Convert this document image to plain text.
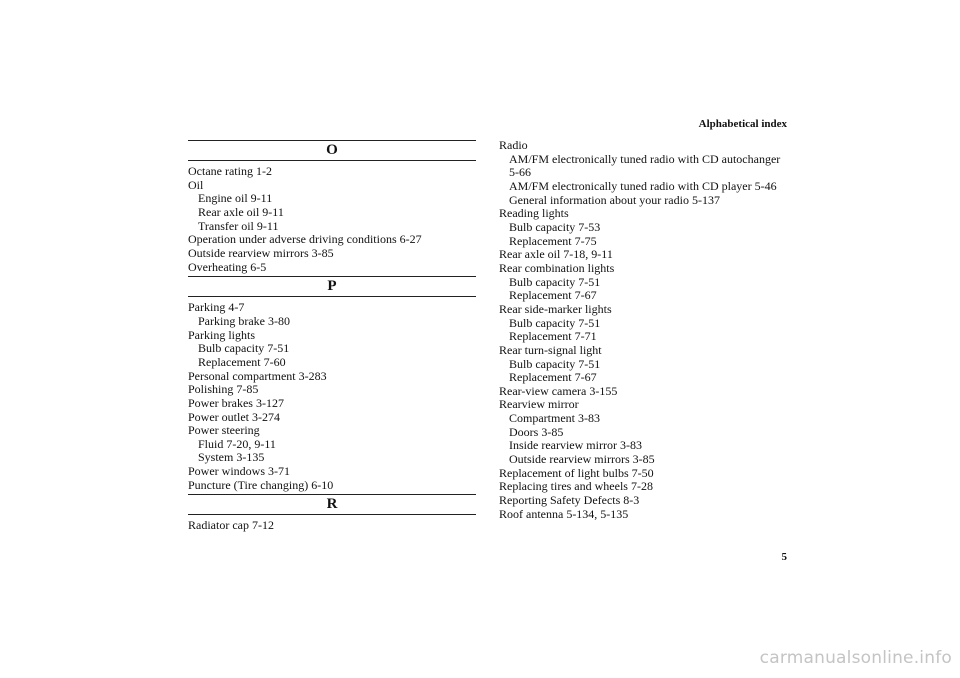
Alphabetical index
O
Octane rating 1-2
Oil
Engine oil 9-11
Rear axle oil 9-11
Transfer oil 9-11
Operation under adverse driving conditions 6-27
Outside rearview mirrors 3-85
Overheating 6-5
P
Parking 4-7
Parking brake 3-80
Parking lights
Bulb capacity 7-51
Replacement 7-60
Personal compartment 3-283
Polishing 7-85
Power brakes 3-127
Power outlet 3-274
Power steering
Fluid 7-20, 9-11
System 3-135
Power windows 3-71
Puncture (Tire changing) 6-10
R
Radiator cap 7-12
Radio
AM/FM electronically tuned radio with CD autochanger 5-66
AM/FM electronically tuned radio with CD player 5-46
General information about your radio 5-137
Reading lights
Bulb capacity 7-53
Replacement 7-75
Rear axle oil 7-18, 9-11
Rear combination lights
Bulb capacity 7-51
Replacement 7-67
Rear side-marker lights
Bulb capacity 7-51
Replacement 7-71
Rear turn-signal light
Bulb capacity 7-51
Replacement 7-67
Rear-view camera 3-155
Rearview mirror
Compartment 3-83
Doors 3-85
Inside rearview mirror 3-83
Outside rearview mirrors 3-85
Replacement of light bulbs 7-50
Replacing tires and wheels 7-28
Reporting Safety Defects 8-3
Roof antenna 5-134, 5-135
5
carmanualsonline.info
